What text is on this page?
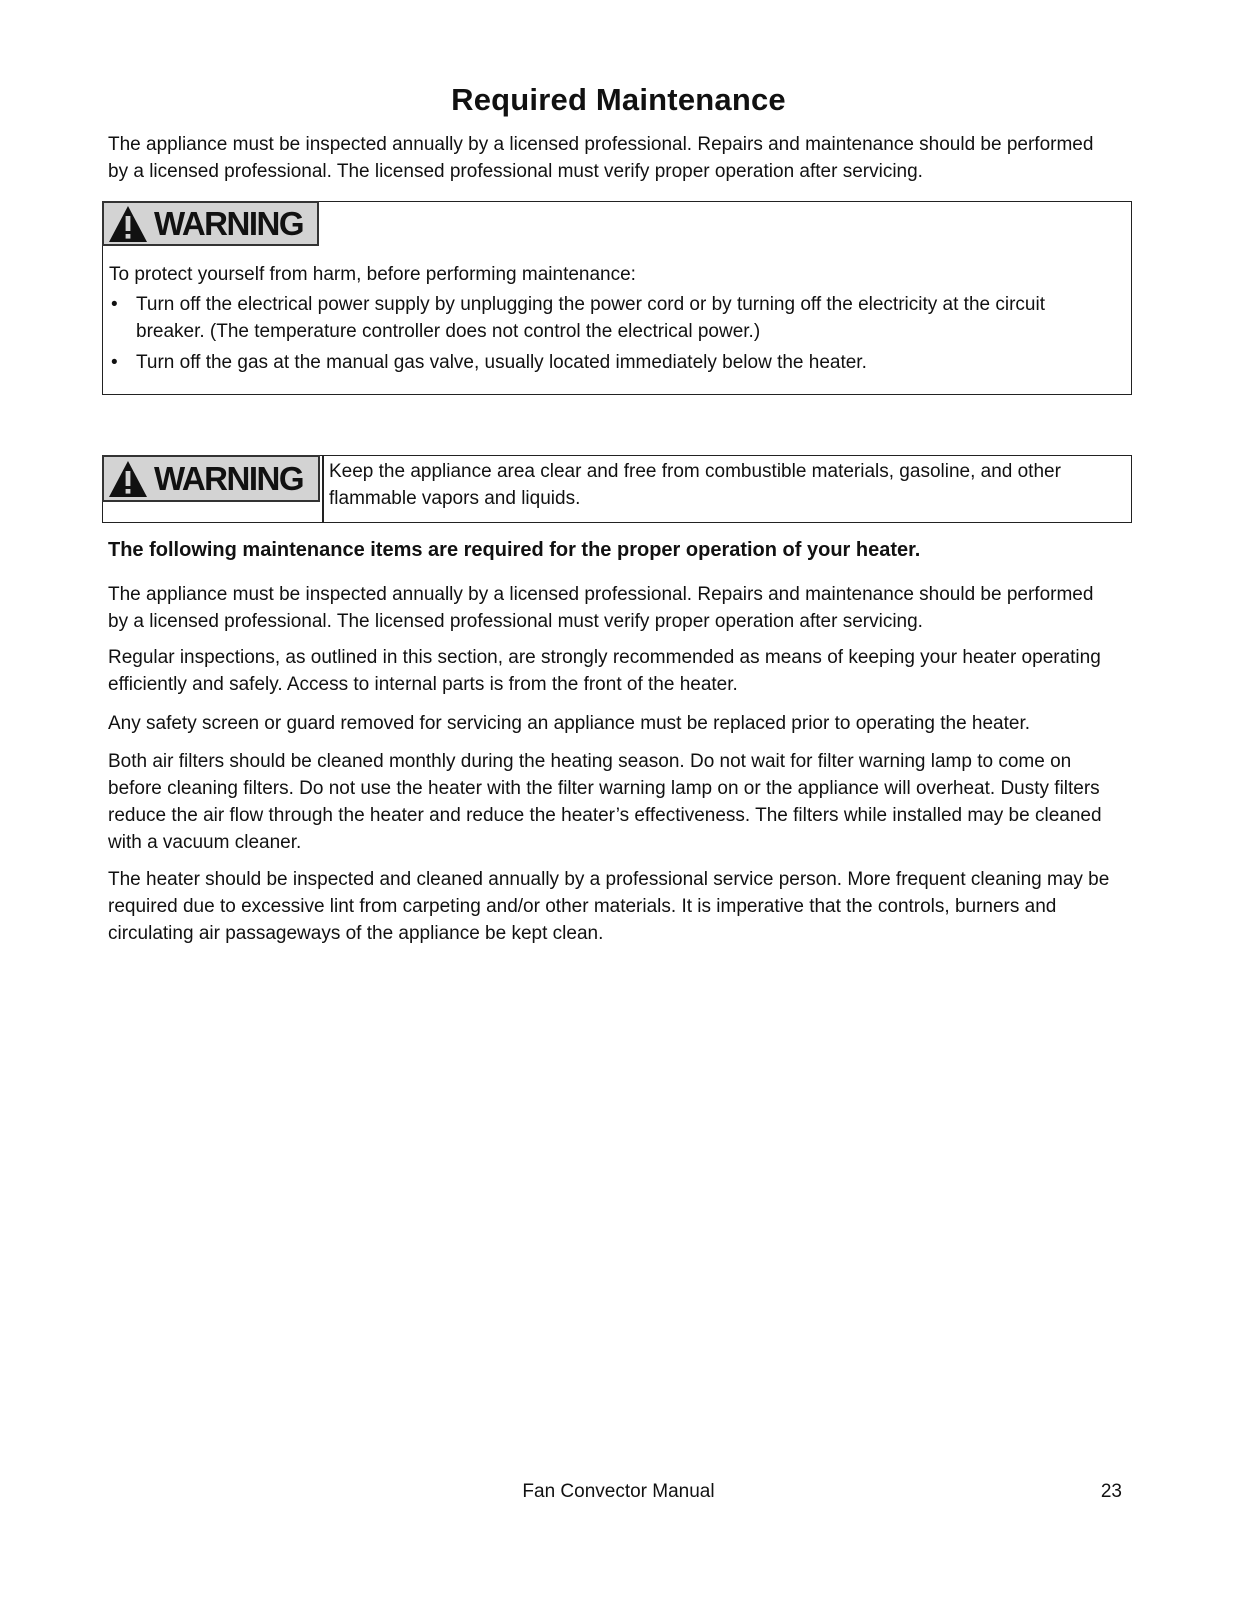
Required Maintenance

The appliance must be inspected annually by a licensed professional. Repairs and maintenance should be performed by a licensed professional. The licensed professional must verify proper operation after servicing.

WARNING
To protect yourself from harm, before performing maintenance:
• Turn off the electrical power supply by unplugging the power cord or by turning off the electricity at the circuit breaker. (The temperature controller does not control the electrical power.)
• Turn off the gas at the manual gas valve, usually located immediately below the heater.
WARNING Keep the appliance area clear and free from combustible materials, gasoline, and other flammable vapors and liquids.
The following maintenance items are required for the proper operation of your heater.

The appliance must be inspected annually by a licensed professional. Repairs and maintenance should be performed by a licensed professional. The licensed professional must verify proper operation after servicing.

Regular inspections, as outlined in this section, are strongly recommended as means of keeping your heater operating efficiently and safely. Access to internal parts is from the front of the heater.

Any safety screen or guard removed for servicing an appliance must be replaced prior to operating the heater.

Both air filters should be cleaned monthly during the heating season. Do not wait for filter warning lamp to come on before cleaning filters. Do not use the heater with the filter warning lamp on or the appliance will overheat. Dusty filters reduce the air flow through the heater and reduce the heater’s effectiveness. The filters while installed may be cleaned with a vacuum cleaner.

The heater should be inspected and cleaned annually by a professional service person. More frequent cleaning may be required due to excessive lint from carpeting and/or other materials. It is imperative that the controls, burners and circulating air passageways of the appliance be kept clean.

Fan Convector Manual	23
